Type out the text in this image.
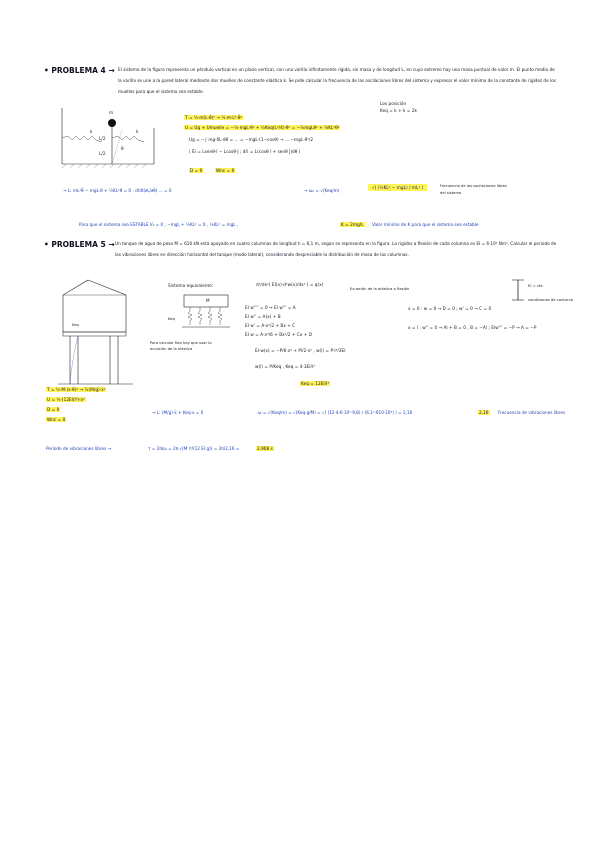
• PROBLEMA 4 → El sistema de la figura representa un péndulo vertical en un plano vertical, con una varilla infinitamente rígida, sin masa y de longitud L, en cuyo extremo hay una masa puntual de valor m. El punto medio de la varilla se une a la pared lateral mediante dos muelles de constante elástica k. Se pide calcular la frecuencia de las oscilaciones libres del sistema y expresar el valor mínimo de la constante de rigidez de los muelles para que el sistema sea estable.
m
k	k
L/2
L/2
θ
Los posición
Keq = k + k = 2k
T = ½·m(L·θ̇)² → ½·m·L²·θ̇²
U = Ug + Umuelle = −½·mgL·θ² + ½Keq(L²/4)·θ² = −½mgLθ² + ¼KL²θ²
Ug = −∫ mg·δL·dθ = ... = −mgL·(1−cosθ) → ... −mgL·θ²/2
( Ēi = Lsenθ·î − Lcosθ·ĵ ; dr̄i = L(cosθ î + senθ ĵ)dθ )
D = 0	Wnc = 0
→ L: mL²θ̈ − mgL·θ + ½KL²θ = 0 , d/dt(∂L/∂θ̇) ... = 0	→ ω₀ = √(Keq/m)
√( (½KL² − mgL) / mL² )	Frecuencia de las oscilaciones libres del sistema
Para que el sistema sea ESTABLE V₀ = 0 , −mgL + ½KL² = 0 , ½KL² = mgL ,	K = 2mg/L Valor mínimo de K para que el sistema sea estable
• PROBLEMA 5 → Un tanque de agua de peso M = 610 kN está apoyado en cuatro columnas de longitud h = 6,1 m, según se representa en la figura. La rigidez a flexión de cada columna es EI = 6·10⁵ Nm². Calcular el periodo de las vibraciones libres en dirección horizontal del tanque (modo lateral), considerando despreciable la distribución de masa de las columnas.
Keq
Sistema equivalente:
M
Keq
Para calcular Keq hay que usar la ecuación de la elástica
d²/dx²( EI(x)·d²w(x)/dx² ) = q(x)
Ecuación de la elástica a flexión
EI = cte
condiciones de contorno
EI w'''' = 0 → EI w''' = A
EI w'' = A(x) + B
EI w' = A·x²/2 + Bx + C
EI w = A·x³/6 + Bx²/2 + Cx + D
x = 0 : w = 0 → D = 0 ; w' = 0 → C = 0
x = l : w'' = 0 → Al + B = 0 , B = −Al ; EIw''' = −P → A = −P
EI·w(x) = −P/6·x³ + Pl/2·x² , w(l) = P·l³/3EI
w(l) = P/Keq , Keq = 4·3EI/l³
Keq = 12EI/l³
T = ½·M·(x·θ̇)² → ½(M/g)·ẋ²
U = ½·(12EI/l³)·x²
D = 0
Wnc = 0
→ L: (M/g)·ẍ + Keq·x = 0	ω = √(Keq/m) = √(Keq·g/M) = √( (12·4·6·10⁵·9,8) / (6,1³·610·10³) ) = 2,16	2,16 Frecuencia de vibraciones libres
Periodo de vibraciones libres →	τ = 2π/ω = 2π·√(M l³/(12 EI g)) = 2π/2,16 =	2,908 s
